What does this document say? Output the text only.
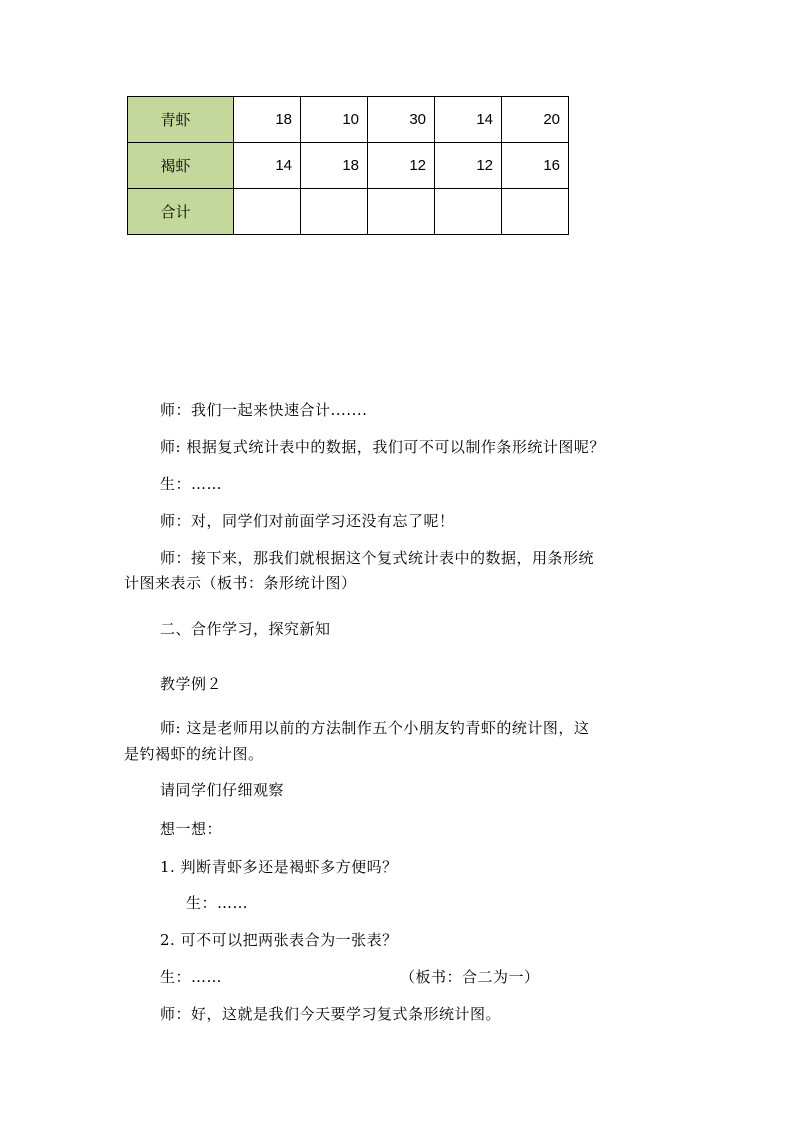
青虾	18	10	30	14	20
褐虾	14	18	12	12	16
合计					
师：我们一起来快速合计.......
师: 根据复式统计表中的数据，我们可不可以制作条形统计图呢？
生：……
师：对，同学们对前面学习还没有忘了呢！
师：接下来，那我们就根据这个复式统计表中的数据，用条形统
计图来表示（板书：条形统计图）
二、合作学习，探究新知
教学例２
师: 这是老师用以前的方法制作五个小朋友钓青虾的统计图，这
是钓褐虾的统计图。
请同学们仔细观察
想一想：
1. 判断青虾多还是褐虾多方便吗？
生：……
2. 可不可以把两张表合为一张表？
生：……	（板书：合二为一）
师：好，这就是我们今天要学习复式条形统计图。
